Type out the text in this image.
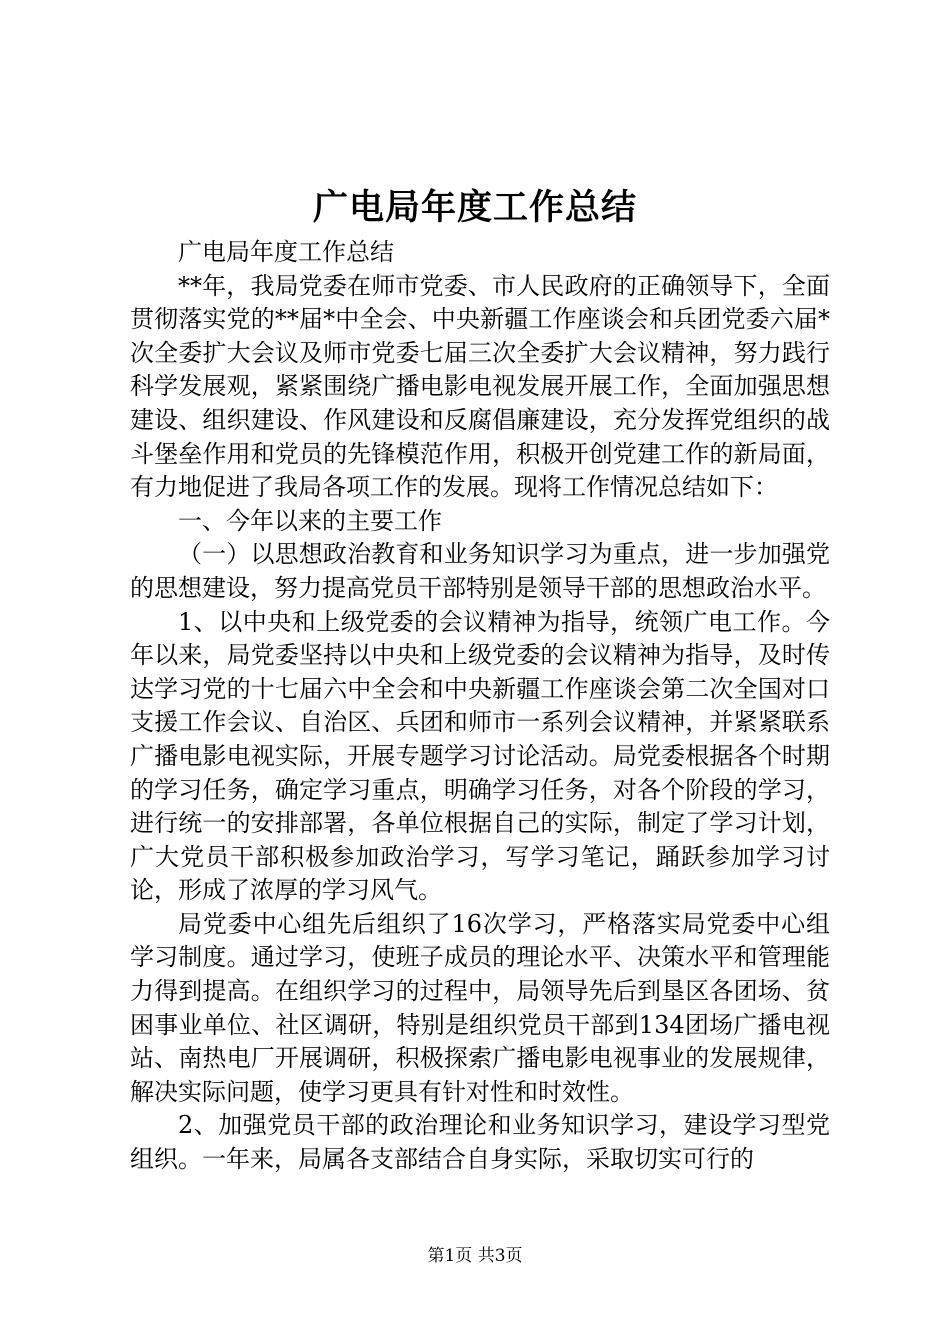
广电局年度工作总结

广电局年度工作总结

**年，我局党委在师市党委、市人民政府的正确领导下，全面贯彻落实党的**届*中全会、中央新疆工作座谈会和兵团党委六届*次全委扩大会议及师市党委七届三次全委扩大会议精神，努力践行科学发展观，紧紧围绕广播电影电视发展开展工作，全面加强思想建设、组织建设、作风建设和反腐倡廉建设，充分发挥党组织的战斗堡垒作用和党员的先锋模范作用，积极开创党建工作的新局面，有力地促进了我局各项工作的发展。现将工作情况总结如下：

一、今年以来的主要工作

（一）以思想政治教育和业务知识学习为重点，进一步加强党的思想建设，努力提高党员干部特别是领导干部的思想政治水平。

1、以中央和上级党委的会议精神为指导，统领广电工作。今年以来，局党委坚持以中央和上级党委的会议精神为指导，及时传达学习党的十七届六中全会和中央新疆工作座谈会第二次全国对口支援工作会议、自治区、兵团和师市一系列会议精神，并紧紧联系广播电影电视实际，开展专题学习讨论活动。局党委根据各个时期的学习任务，确定学习重点，明确学习任务，对各个阶段的学习，进行统一的安排部署，各单位根据自己的实际，制定了学习计划，广大党员干部积极参加政治学习，写学习笔记，踊跃参加学习讨论，形成了浓厚的学习风气。

局党委中心组先后组织了16次学习，严格落实局党委中心组学习制度。通过学习，使班子成员的理论水平、决策水平和管理能力得到提高。在组织学习的过程中，局领导先后到垦区各团场、贫困事业单位、社区调研，特别是组织党员干部到134团场广播电视站、南热电厂开展调研，积极探索广播电影电视事业的发展规律，解决实际问题，使学习更具有针对性和时效性。

2、加强党员干部的政治理论和业务知识学习，建设学习型党组织。一年来，局属各支部结合自身实际，采取切实可行的

第1页 共3页
